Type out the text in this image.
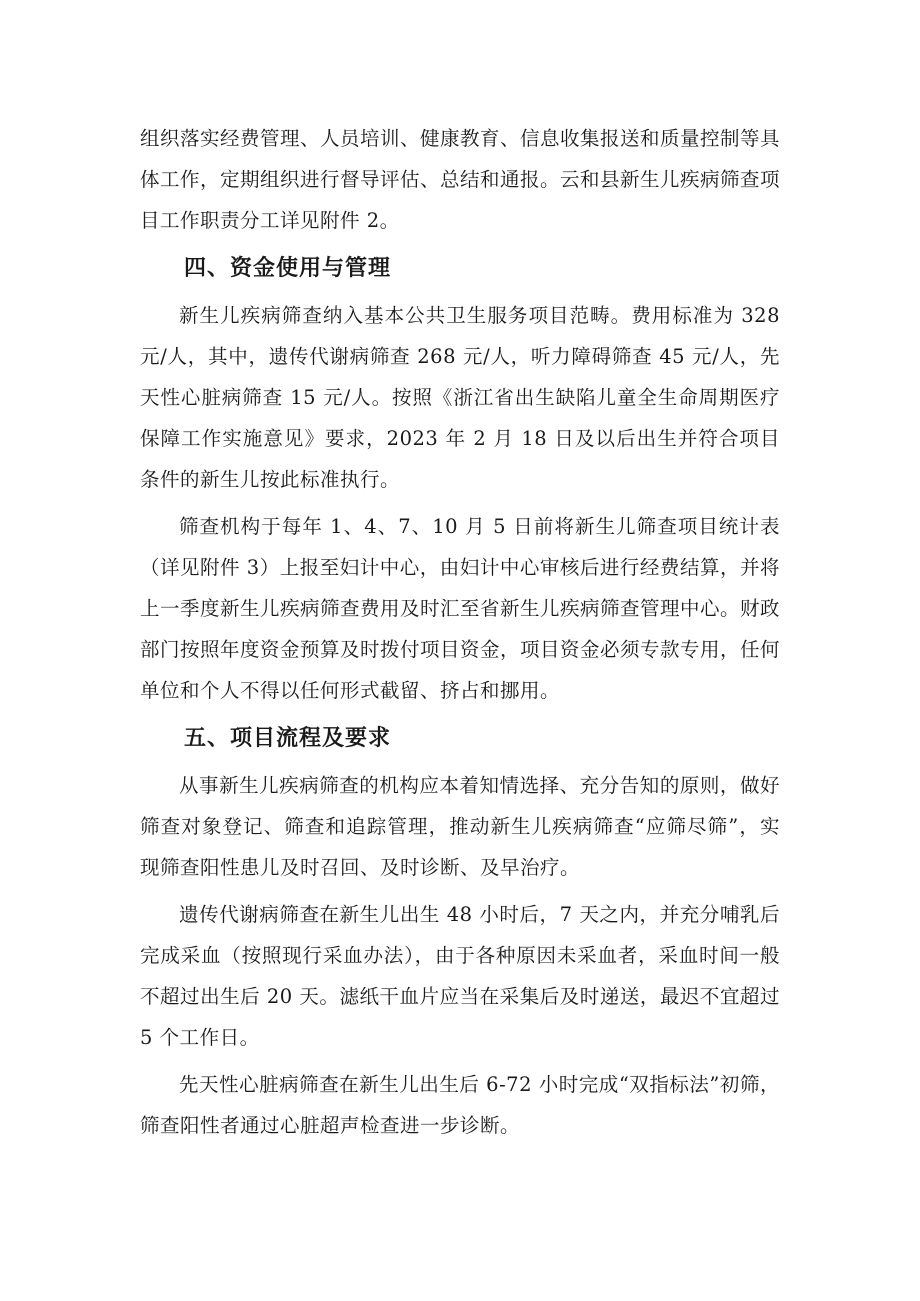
组织落实经费管理、人员培训、健康教育、信息收集报送和质量控制等具体工作，定期组织进行督导评估、总结和通报。云和县新生儿疾病筛查项目工作职责分工详见附件 2。

四、资金使用与管理

新生儿疾病筛查纳入基本公共卫生服务项目范畴。费用标准为 328 元/人，其中，遗传代谢病筛查 268 元/人，听力障碍筛查 45 元/人，先天性心脏病筛查 15 元/人。按照《浙江省出生缺陷儿童全生命周期医疗保障工作实施意见》要求，2023 年 2 月 18 日及以后出生并符合项目条件的新生儿按此标准执行。

筛查机构于每年 1、4、7、10 月 5 日前将新生儿筛查项目统计表（详见附件 3）上报至妇计中心，由妇计中心审核后进行经费结算，并将上一季度新生儿疾病筛查费用及时汇至省新生儿疾病筛查管理中心。财政部门按照年度资金预算及时拨付项目资金，项目资金必须专款专用，任何单位和个人不得以任何形式截留、挤占和挪用。

五、项目流程及要求

从事新生儿疾病筛查的机构应本着知情选择、充分告知的原则，做好筛查对象登记、筛查和追踪管理，推动新生儿疾病筛查“应筛尽筛”，实现筛查阳性患儿及时召回、及时诊断、及早治疗。

遗传代谢病筛查在新生儿出生 48 小时后，7 天之内，并充分哺乳后完成采血（按照现行采血办法），由于各种原因未采血者，采血时间一般不超过出生后 20 天。滤纸干血片应当在采集后及时递送，最迟不宜超过 5 个工作日。

先天性心脏病筛查在新生儿出生后 6-72 小时完成“双指标法”初筛，筛查阳性者通过心脏超声检查进一步诊断。
